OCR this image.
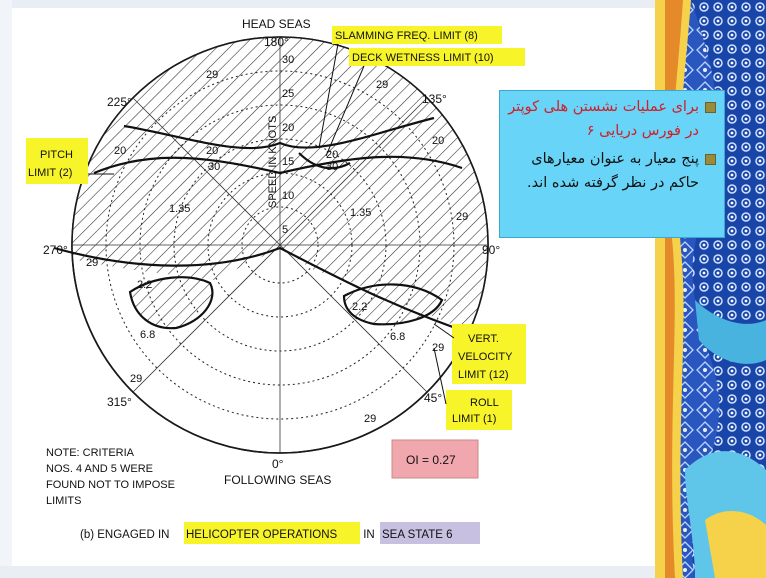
30
25
20
15
10
5
SPEED IN KNOTS
HEAD SEAS
180°
135°
225°
90°
270°
45°
315°
0°
FOLLOWING SEAS
29
29
29
29
29
29
29
20	20	20
20
30	30
1.35	1.35
2.2
2.2
6.8	6.8
SLAMMING FREQ. LIMIT (8)
DECK WETNESS LIMIT (10)
PITCH
LIMIT (2)
VERT.
VELOCITY
LIMIT (12)
ROLL
LIMIT (1)
OI = 0.27
NOTE: CRITERIA
NOS. 4 AND 5 WERE
FOUND NOT TO IMPOSE
LIMITS
(b) ENGAGED IN HELICOPTER OPERATIONS IN SEA STATE 6
برای عملیات نشستن هلی کوپتر در فورس دریایی ۶
پنج معیار به عنوان معیارهای حاکم در نظر گرفته شده اند.
